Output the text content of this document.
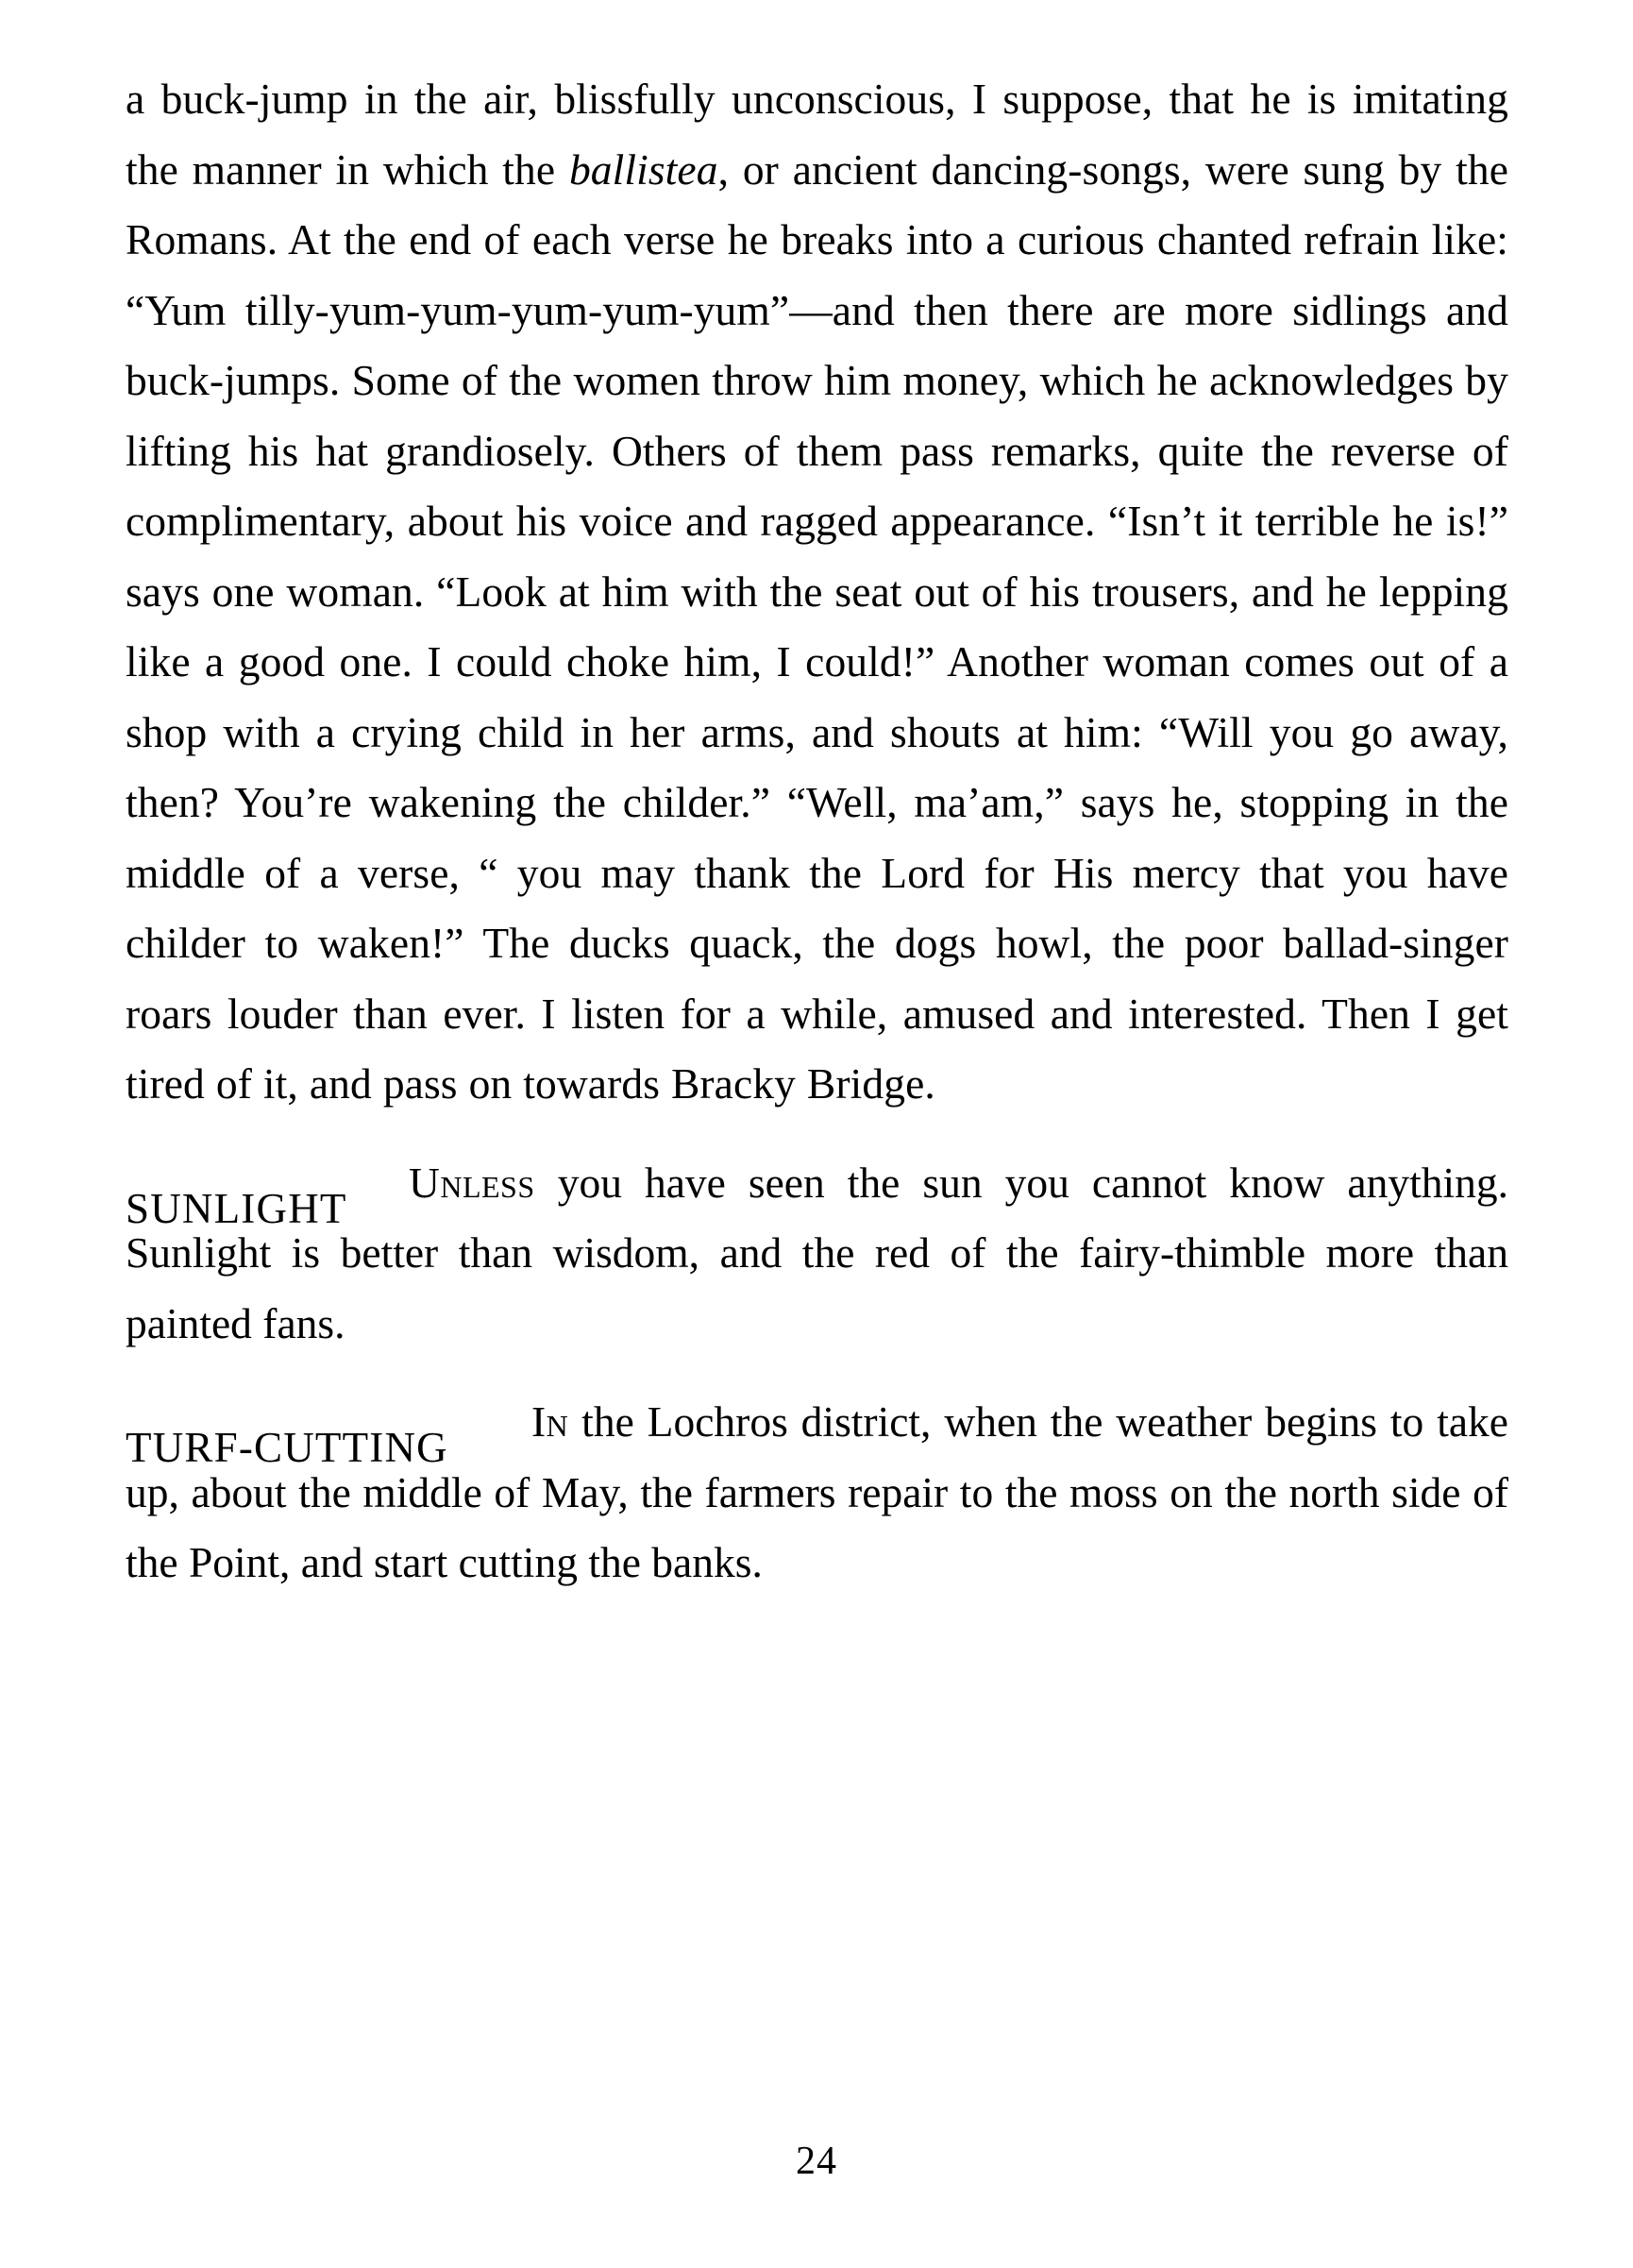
a buck-jump in the air, blissfully unconscious, I suppose, that he is imitating the manner in which the ballistea, or ancient dancing-songs, were sung by the Romans. At the end of each verse he breaks into a curious chanted refrain like: “Yum tilly-yum-yum-yum-yum-yum”—and then there are more sidlings and buck-jumps. Some of the women throw him money, which he acknowledges by lifting his hat grandiosely. Others of them pass remarks, quite the reverse of complimentary, about his voice and ragged appearance. “Isn’t it terrible he is!” says one woman. “Look at him with the seat out of his trousers, and he lepping like a good one. I could choke him, I could!” Another woman comes out of a shop with a crying child in her arms, and shouts at him: “Will you go away, then? You’re wakening the childer.” “Well, ma’am,” says he, stopping in the middle of a verse, “ you may thank the Lord for His mercy that you have childer to waken!” The ducks quack, the dogs howl, the poor ballad-singer roars louder than ever. I listen for a while, amused and interested. Then I get tired of it, and pass on towards Bracky Bridge.

SUNLIGHT

Unless you have seen the sun you cannot know anything. Sunlight is better than wisdom, and the red of the fairy-thimble more than painted fans.

TURF-CUTTING

In the Lochros district, when the weather begins to take up, about the middle of May, the farmers repair to the moss on the north side of the Point, and start cutting the banks.

24
